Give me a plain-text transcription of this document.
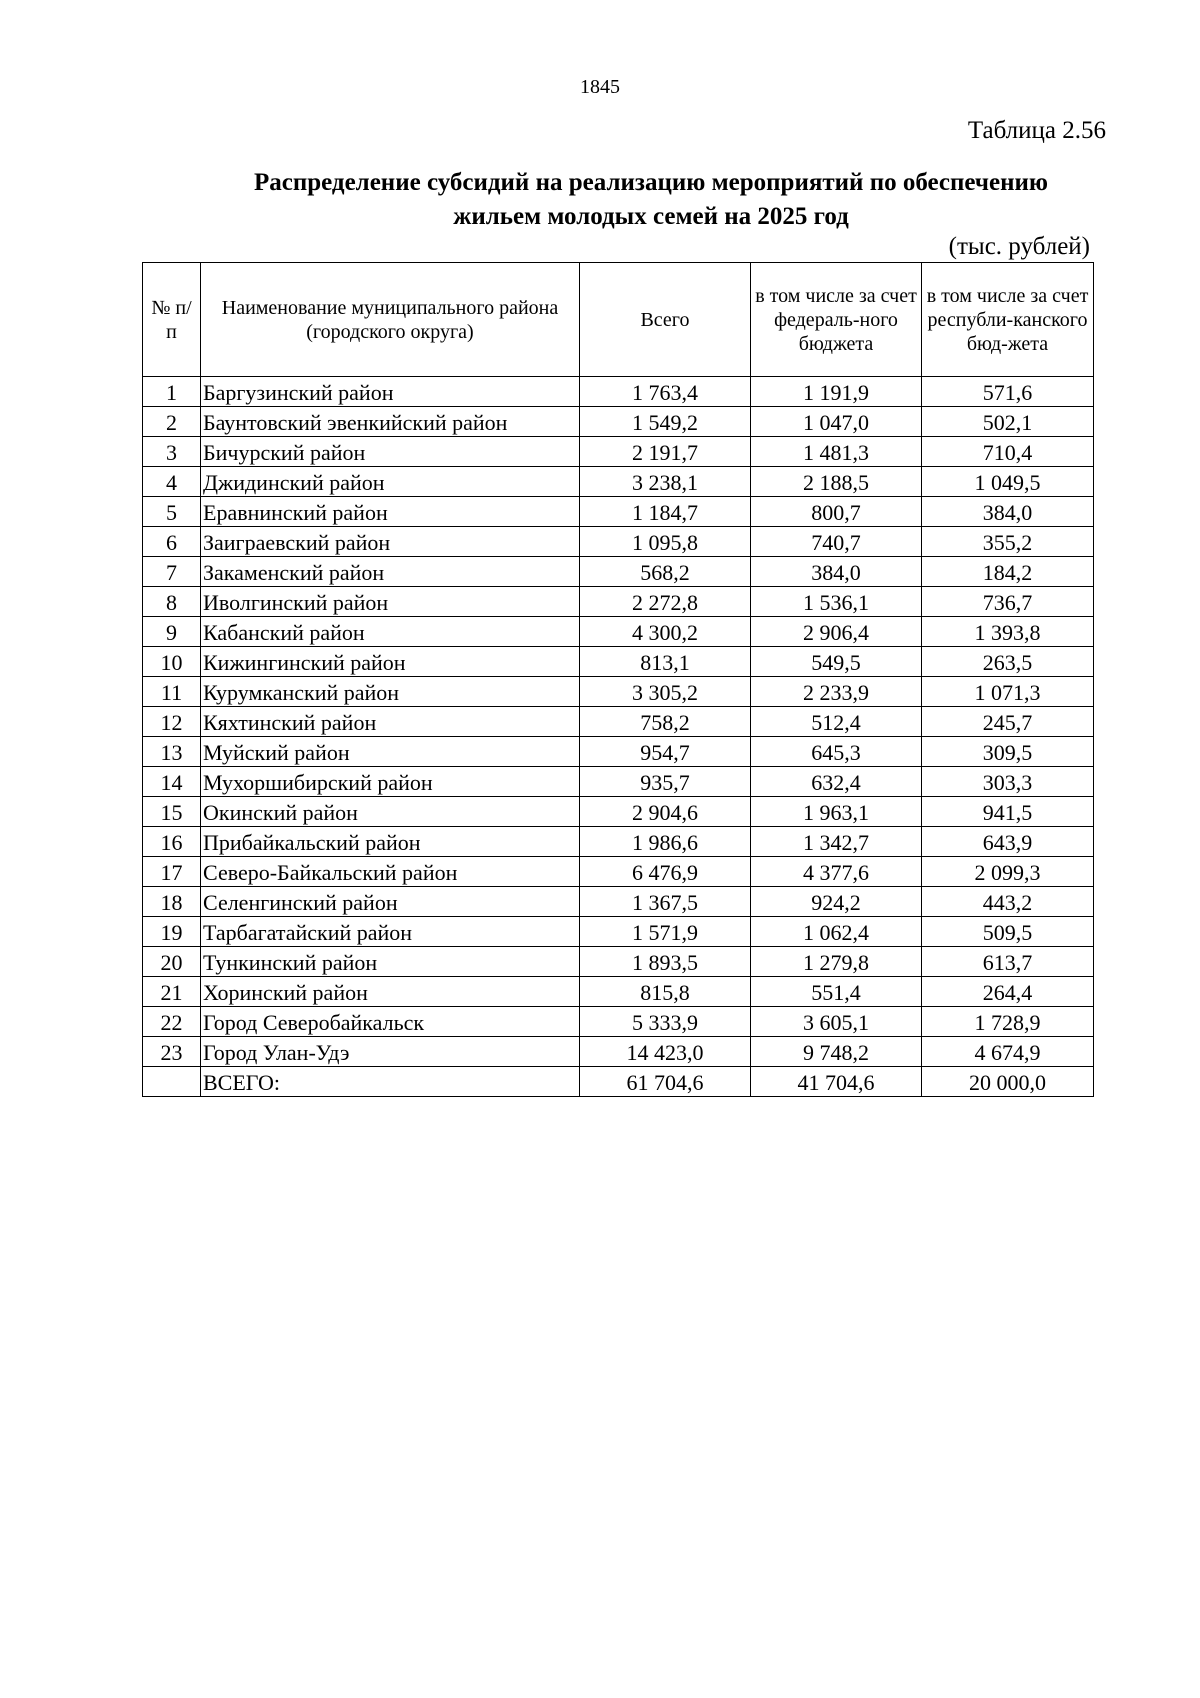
1845
Таблица 2.56
Распределение субсидий на реализацию мероприятий по обеспечению
жильем молодых семей на 2025 год
(тыс. рублей)
№ п/п	Наименование муниципального района (городского округа)	Всего	в том числе за счет федераль-ного бюджета	в том числе за счет республи-канского бюд-жета
1	Баргузинский район	1 763,4	1 191,9	571,6
2	Баунтовский эвенкийский район	1 549,2	1 047,0	502,1
3	Бичурский район	2 191,7	1 481,3	710,4
4	Джидинский район	3 238,1	2 188,5	1 049,5
5	Еравнинский район	1 184,7	800,7	384,0
6	Заиграевский район	1 095,8	740,7	355,2
7	Закаменский район	568,2	384,0	184,2
8	Иволгинский район	2 272,8	1 536,1	736,7
9	Кабанский район	4 300,2	2 906,4	1 393,8
10	Кижингинский район	813,1	549,5	263,5
11	Курумканский район	3 305,2	2 233,9	1 071,3
12	Кяхтинский район	758,2	512,4	245,7
13	Муйский район	954,7	645,3	309,5
14	Мухоршибирский район	935,7	632,4	303,3
15	Окинский район	2 904,6	1 963,1	941,5
16	Прибайкальский район	1 986,6	1 342,7	643,9
17	Северо-Байкальский район	6 476,9	4 377,6	2 099,3
18	Селенгинский район	1 367,5	924,2	443,2
19	Тарбагатайский район	1 571,9	1 062,4	509,5
20	Тункинский район	1 893,5	1 279,8	613,7
21	Хоринский район	815,8	551,4	264,4
22	Город Северобайкальск	5 333,9	3 605,1	1 728,9
23	Город Улан-Удэ	14 423,0	9 748,2	4 674,9
	ВСЕГО:	61 704,6	41 704,6	20 000,0
